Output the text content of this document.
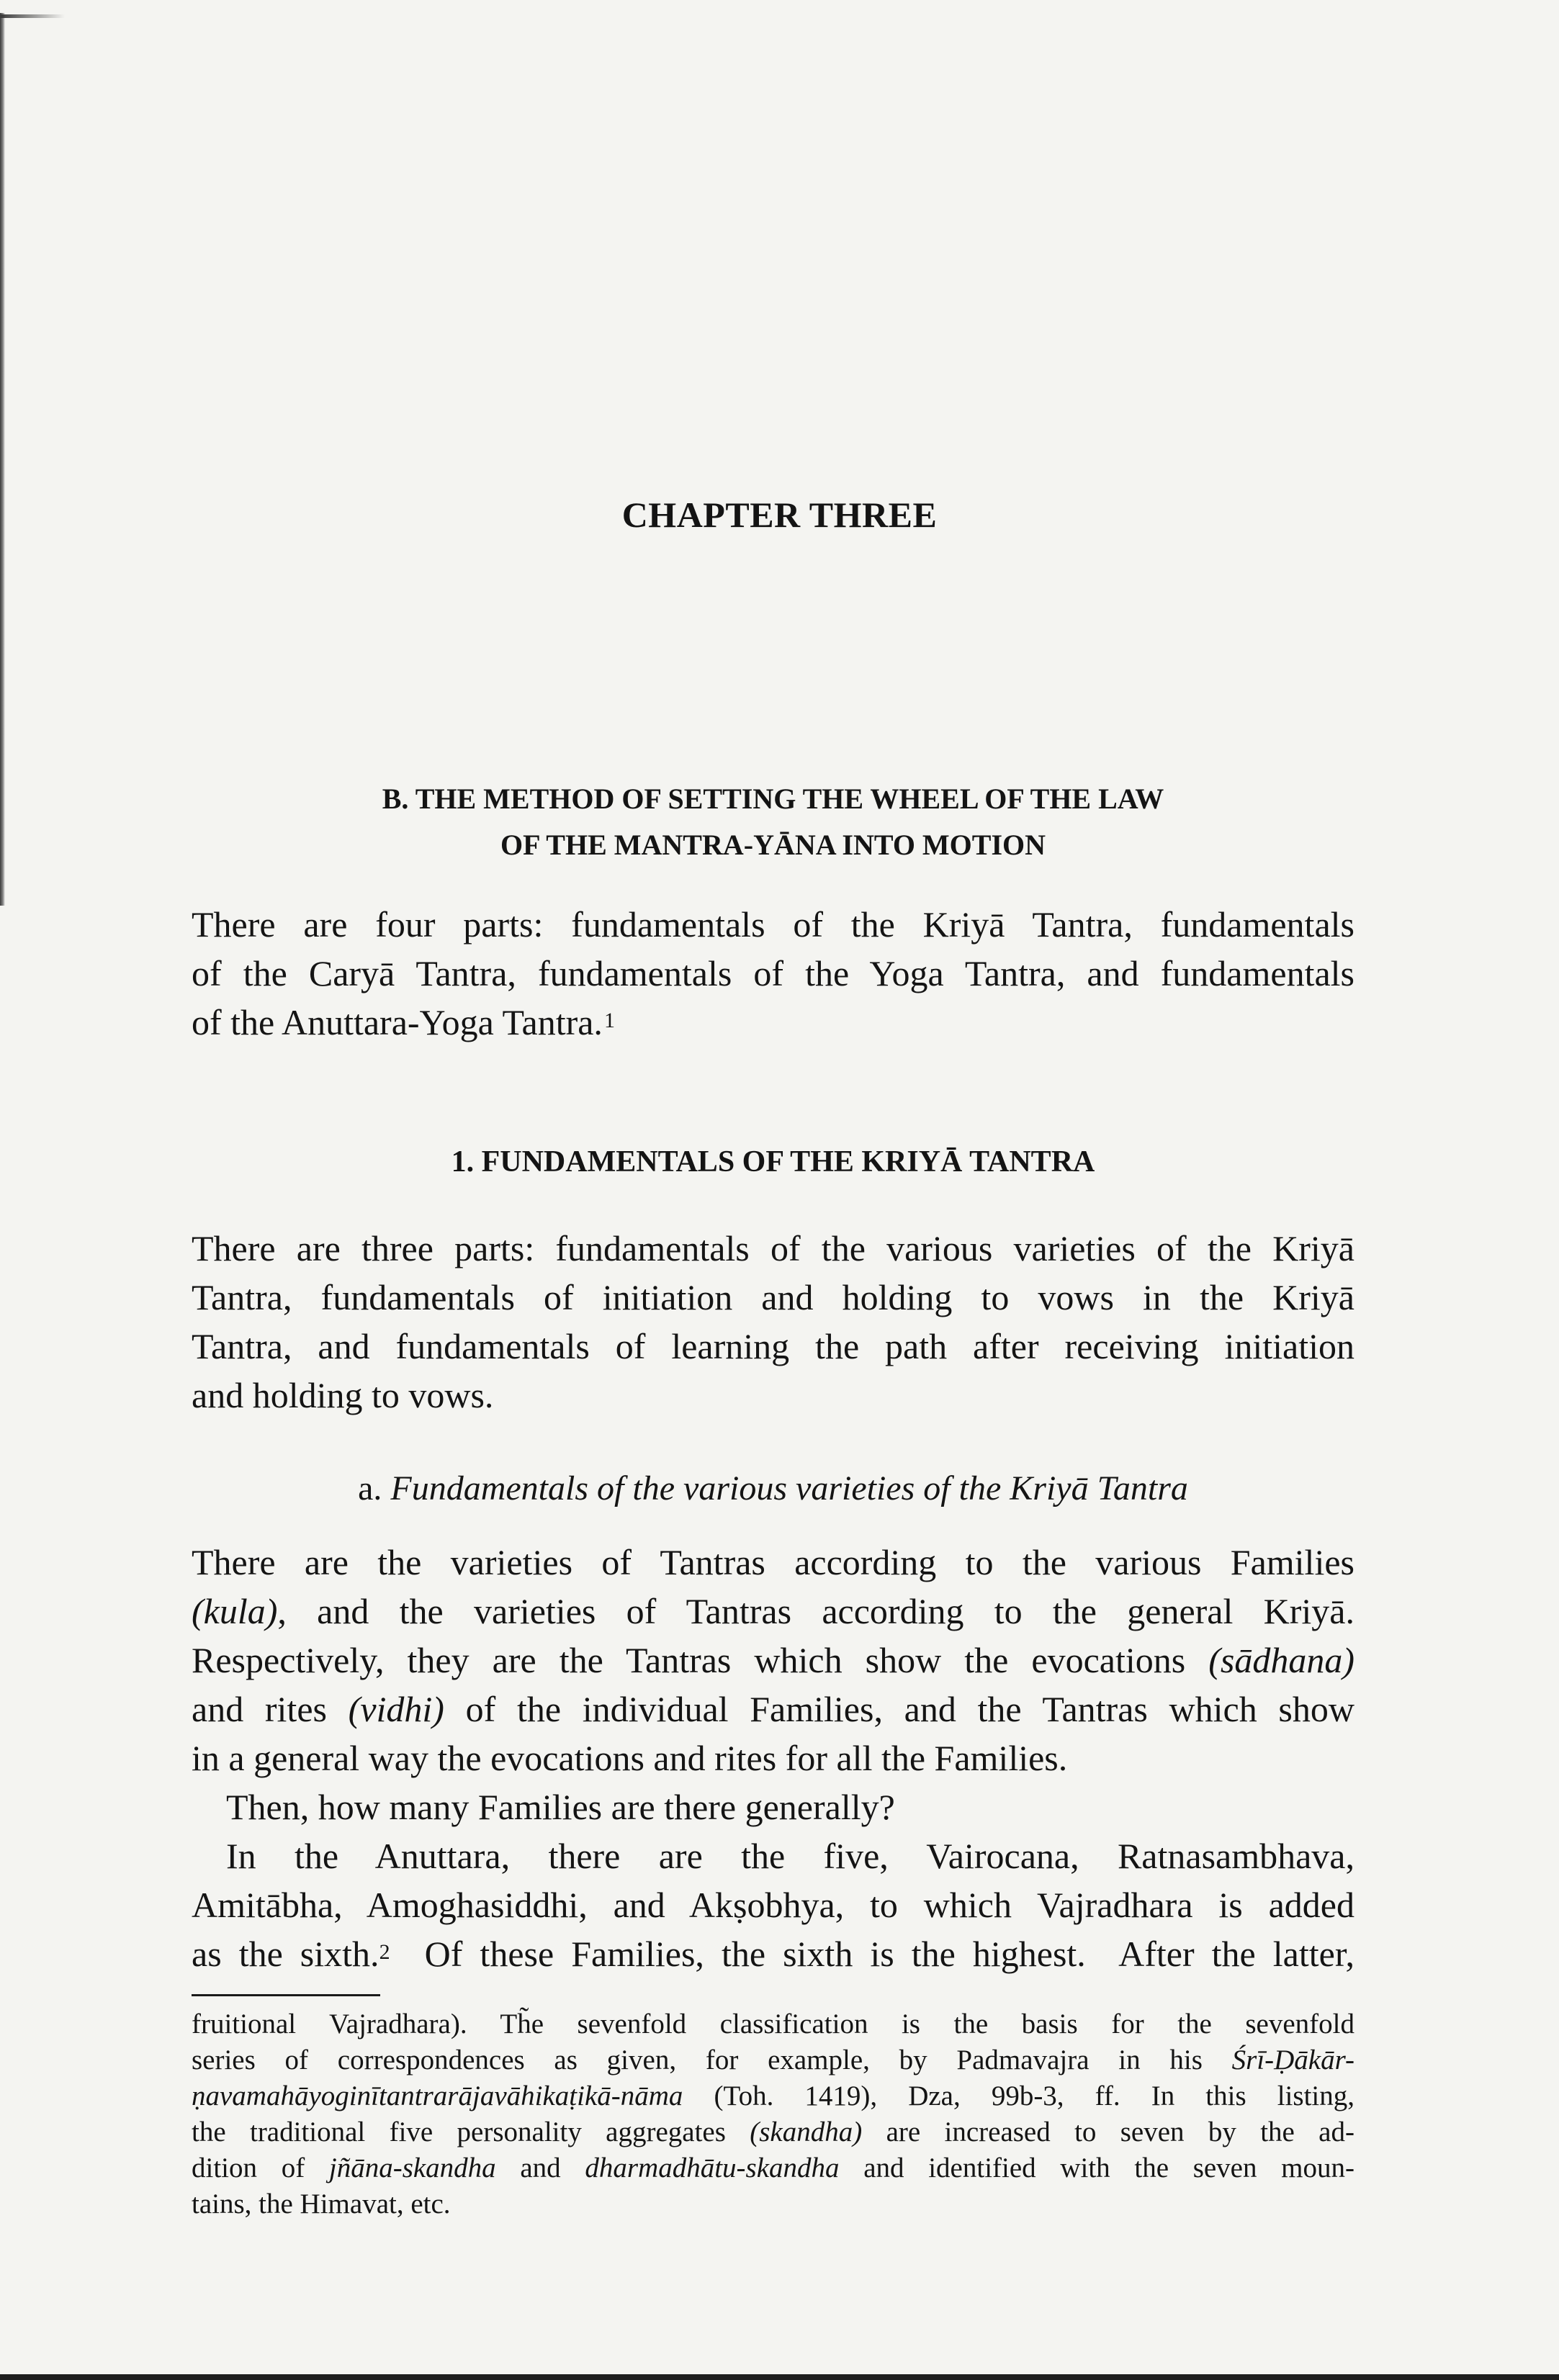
CHAPTER THREE
B. THE METHOD OF SETTING THE WHEEL OF THE LAW
OF THE MANTRA-YĀNA INTO MOTION

There are four parts: fundamentals of the Kriyā Tantra, fundamentals
of the Caryā Tantra, fundamentals of the Yoga Tantra, and fundamentals
of the Anuttara-Yoga Tantra.$^1$

1. FUNDAMENTALS OF THE KRIYĀ TANTRA

There are three parts: fundamentals of the various varieties of the Kriyā
Tantra, fundamentals of initiation and holding to vows in the Kriyā
Tantra, and fundamentals of learning the path after receiving initiation
and holding to vows.

a. Fundamentals of the various varieties of the Kriyā Tantra

There are the varieties of Tantras according to the various Families
(kula), and the varieties of Tantras according to the general Kriyā.
Respectively, they are the Tantras which show the evocations (sādhana)
and rites (vidhi) of the individual Families, and the Tantras which show
in a general way the evocations and rites for all the Families.
Then, how many Families are there generally?
In the Anuttara, there are the five, Vairocana, Ratnasambhava,
Amitābha, Amoghasiddhi, and Akṣobhya, to which Vajradhara is added
as the sixth.$^2$  Of these Families, the sixth is the highest.  After the latter,

fruitional Vajradhara). Th̃e sevenfold classification is the basis for the sevenfold
series of correspondences as given, for example, by Padmavajra in his Śrī-Ḍākār-
ṇavamahāyoginītantrarājavāhikaṭikā-nāma (Toh. 1419), Dza, 99b-3, ff. In this listing,
the traditional five personality aggregates (skandha) are increased to seven by the ad-
dition of jñāna-skandha and dharmadhātu-skandha and identified with the seven moun-
tains, the Himavat, etc.
